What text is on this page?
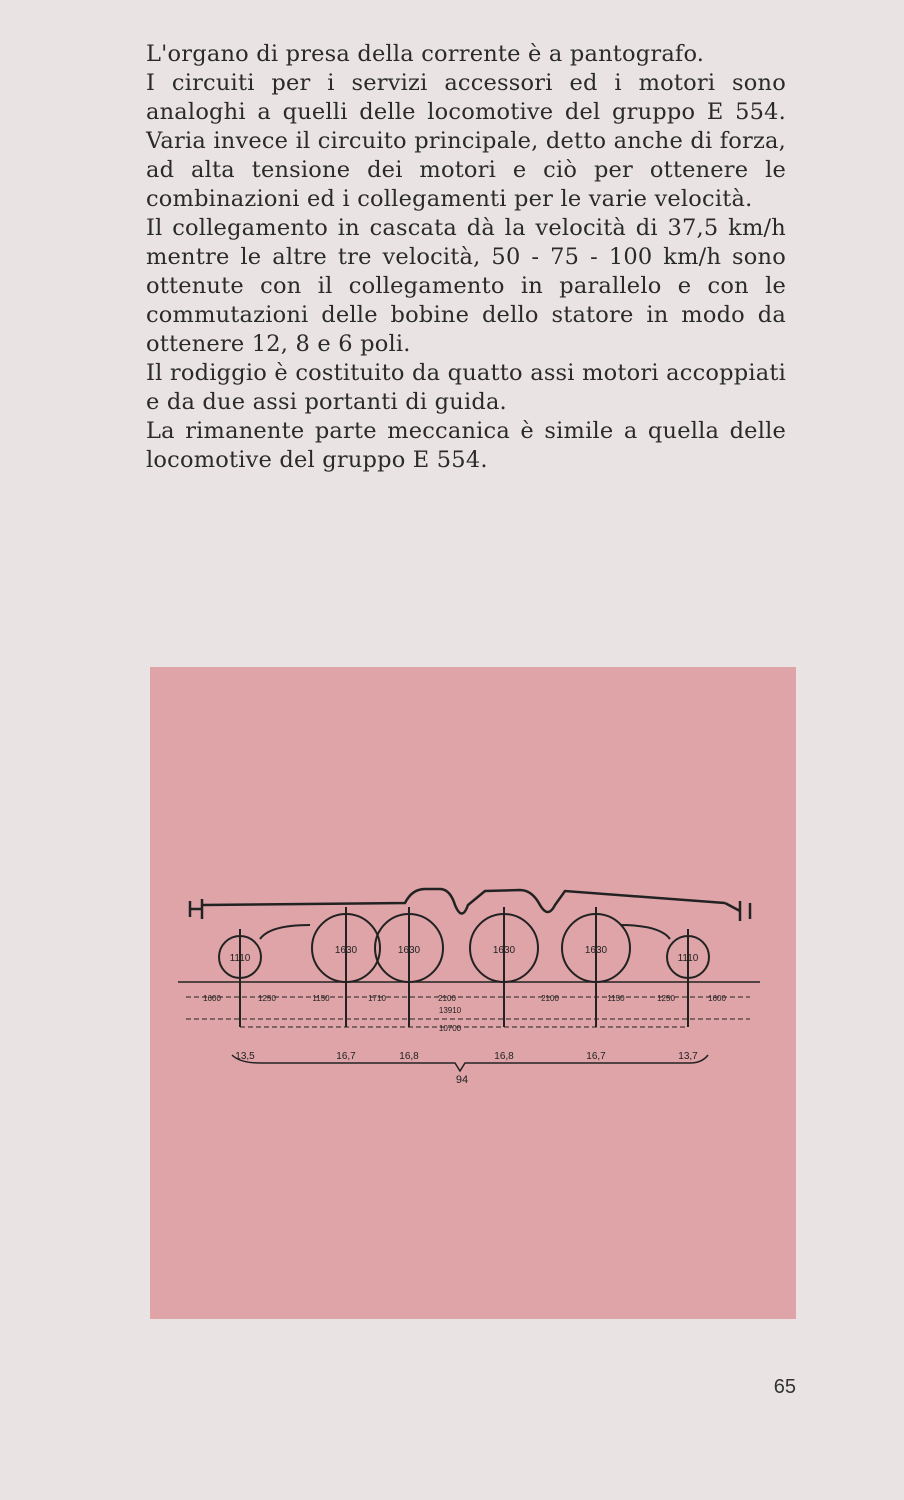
L'organo di presa della corrente è a pantografo.

I circuiti per i servizi accessori ed i motori sono analoghi a quelli delle locomotive del gruppo E 554. Varia invece il circuito principale, detto anche di forza, ad alta tensione dei motori e ciò per ottenere le combinazioni ed i collegamenti per le varie velocità.

Il collegamento in cascata dà la velocità di 37,5 km/h mentre le altre tre velocità, 50 - 75 - 100 km/h sono ottenute con il collegamento in parallelo e con le commutazioni delle bobine dello statore in modo da ottenere 12, 8 e 6 poli.

Il rodiggio è costituito da quatto assi motori accoppiati e da due assi portanti di guida.

La rimanente parte meccanica è simile a quella delle locomotive del gruppo E 554.

1110
1630	1630	1630	1630
1110
1600	1250	1150	1710	2100	2100	1150	1250	1600
13910
10700
13,5	16,7	16,8	16,8	16,7	13,7
94
65
